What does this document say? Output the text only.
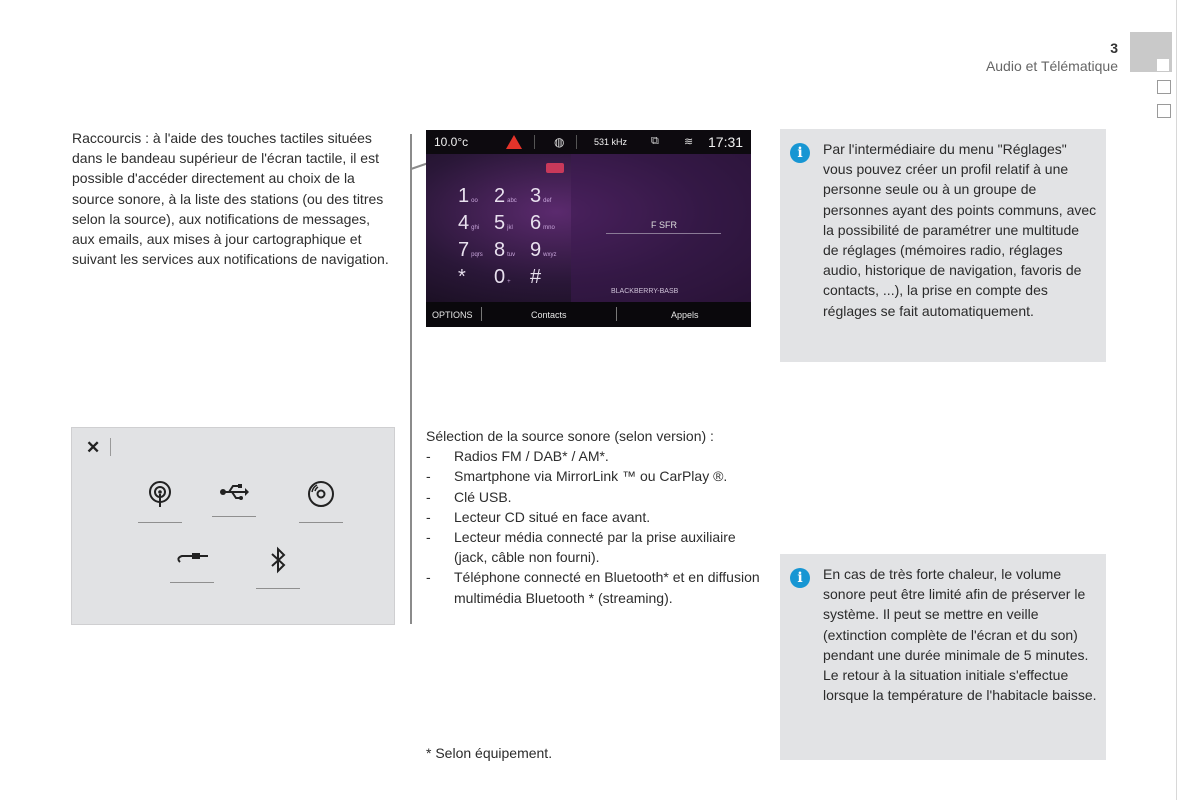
3
Audio et Télématique
Raccourcis : à l'aide des touches tactiles situées dans le bandeau supérieur de l'écran tactile, il est possible d'accéder directement au choix de la source sonore, à la liste des stations (ou des titres selon la source), aux notifications de messages, aux emails, aux mises à jour cartographique et suivant les services aux notifications de navigation.
10.0°c	◍	531 kHz ⧉ ≋ 17:31
1 oo 2 abc 3 def
4 ghi 5 jkl 6 mno
7 pqrs 8 tuv 9 wxyz
* 0 + #
F SFR
BLACKBERRY-BASB
OPTIONS	Contacts	Appels
✕
Sélection de la source sonore (selon version) :
- Radios FM / DAB* / AM*.
- Smartphone via MirrorLink ™ ou CarPlay ®.
- Clé USB.
- Lecteur CD situé en face avant.
- Lecteur média connecté par la prise auxiliaire (jack, câble non fourni).
- Téléphone connecté en Bluetooth* et en diffusion multimédia Bluetooth * (streaming).
* Selon équipement.
i	Par l'intermédiaire du menu "Réglages" vous pouvez créer un profil relatif à une personne seule ou à un groupe de personnes ayant des points communs, avec la possibilité de paramétrer une multitude de réglages (mémoires radio, réglages audio, historique de navigation, favoris de contacts, ...), la prise en compte des réglages se fait automatiquement.
i	En cas de très forte chaleur, le volume sonore peut être limité afin de préserver le système. Il peut se mettre en veille (extinction complète de l'écran et du son) pendant une durée minimale de 5 minutes.
Le retour à la situation initiale s'effectue lorsque la température de l'habitacle baisse.
